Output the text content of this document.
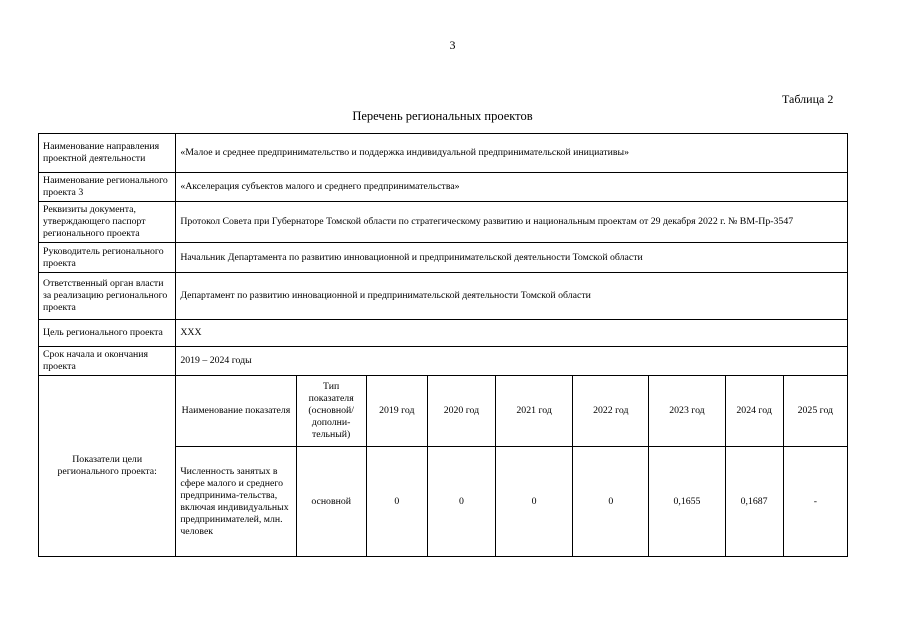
3
Таблица 2
Перечень региональных проектов
Наименование направления проектной деятельности	«Малое и среднее предпринимательство и поддержка индивидуальной предпринимательской инициативы»								
Наименование регионального проекта 3	«Акселерация субъектов малого и среднего предпринимательства»								
Реквизиты документа, утверждающего паспорт регионального проекта	Протокол Совета при Губернаторе Томской области по стратегическому развитию и национальным проектам от 29 декабря 2022 г. № ВМ-Пр-3547								
Руководитель регионального проекта	Начальник Департамента по развитию инновационной и предпринимательской деятельности Томской области								
Ответственный орган власти за реализацию регионального проекта	Департамент по развитию инновационной и предпринимательской деятельности Томской области								
Цель регионального проекта	ХХХ								
Срок начала и окончания проекта	2019 – 2024 годы								
Показатели цели регионального проекта:	Наименование показателя	Тип показателя (основной/ дополни-тельный)	2019 год	2020 год	2021 год	2022 год	2023 год	2024 год	2025 год
	Численность занятых в сфере малого и среднего предпринима-тельства, включая индивидуальных предпринимателей, млн. человек	основной	0	0	0	0	0,1655	0,1687	-
